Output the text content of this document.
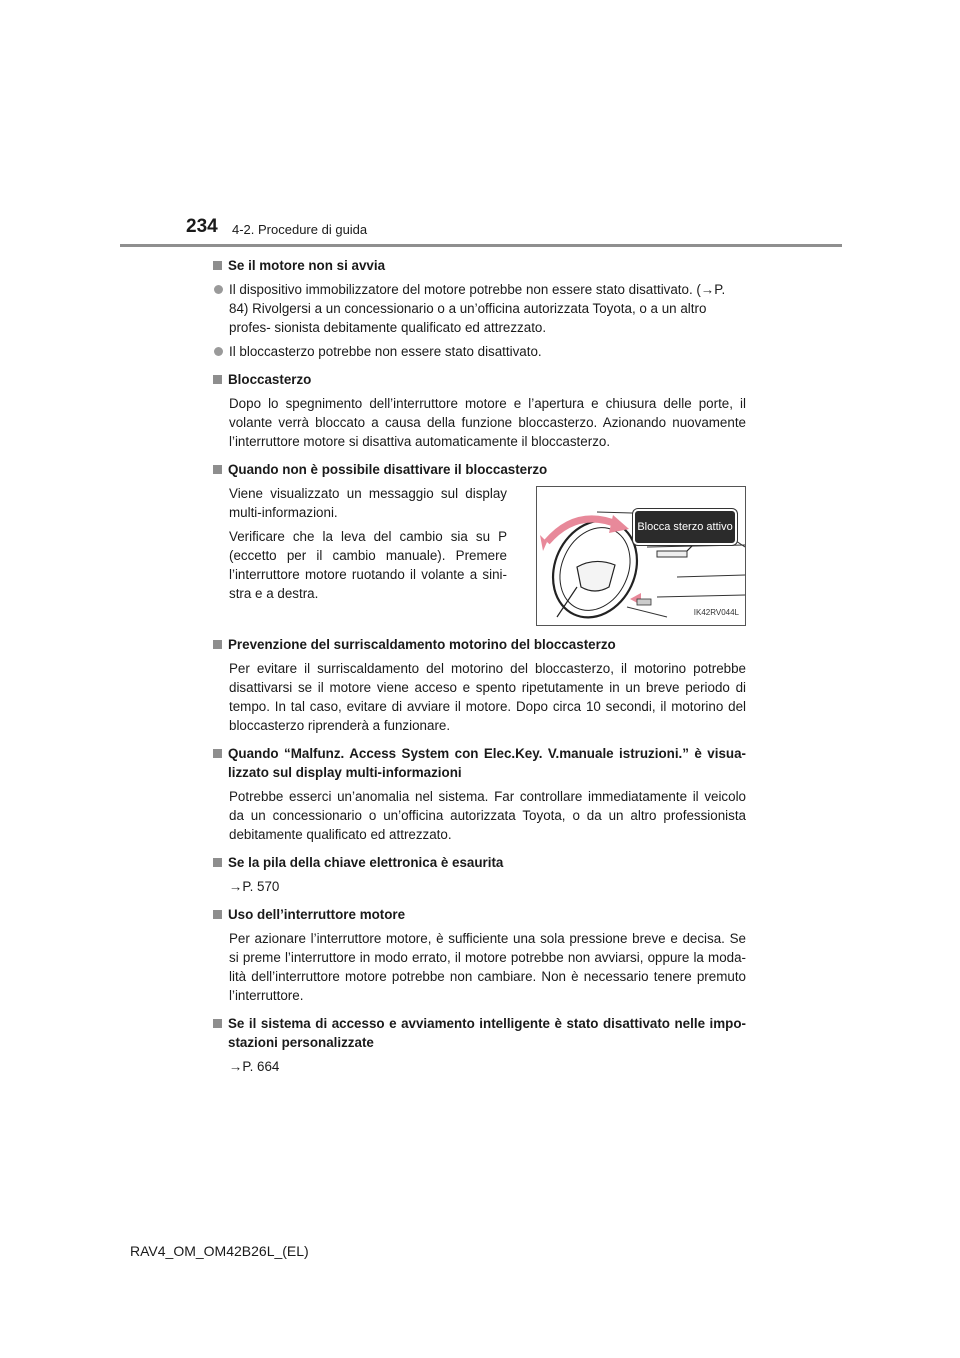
234 4-2. Procedure di guida
Se il motore non si avvia
Il dispositivo immobilizzatore del motore potrebbe non essere stato disattivato. (→P. 84) Rivolgersi a un concessionario o a un’officina autorizzata Toyota, o a un altro profes- sionista debitamente qualificato ed attrezzato.
Il bloccasterzo potrebbe non essere stato disattivato.
Bloccasterzo
Dopo lo spegnimento dell’interruttore motore e l’apertura e chiusura delle porte, il volante verrà bloccato a causa della funzione bloccasterzo. Azionando nuovamente l’interruttore motore si disattiva automaticamente il bloccasterzo.
Quando non è possibile disattivare il bloccasterzo

Viene visualizzato un messaggio sul display multi-informazioni.

Verificare che la leva del cambio sia su P (eccetto per il cambio manuale). Premere l’interruttore motore ruotando il volante a sini- stra e a destra.

Blocca sterzo attivo
IK42RV044L
Prevenzione del surriscaldamento motorino del bloccasterzo
Per evitare il surriscaldamento del motorino del bloccasterzo, il motorino potrebbe disattivarsi se il motore viene acceso e spento ripetutamente in un breve periodo di tempo. In tal caso, evitare di avviare il motore. Dopo circa 10 secondi, il motorino del bloccasterzo riprenderà a funzionare.
Quando “Malfunz. Access System con Elec.Key. V.manuale istruzioni.” è visua- lizzato sul display multi-informazioni
Potrebbe esserci un’anomalia nel sistema. Far controllare immediatamente il veicolo da un concessionario o un’officina autorizzata Toyota, o da un altro professionista debitamente qualificato ed attrezzato.
Se la pila della chiave elettronica è esaurita
→P. 570
Uso dell’interruttore motore
Per azionare l’interruttore motore, è sufficiente una sola pressione breve e decisa. Se si preme l’interruttore in modo errato, il motore potrebbe non avviarsi, oppure la moda- lità dell’interruttore motore potrebbe non cambiare. Non è necessario tenere premuto l’interruttore.
Se il sistema di accesso e avviamento intelligente è stato disattivato nelle impo- stazioni personalizzate
→P. 664
RAV4_OM_OM42B26L_(EL)
